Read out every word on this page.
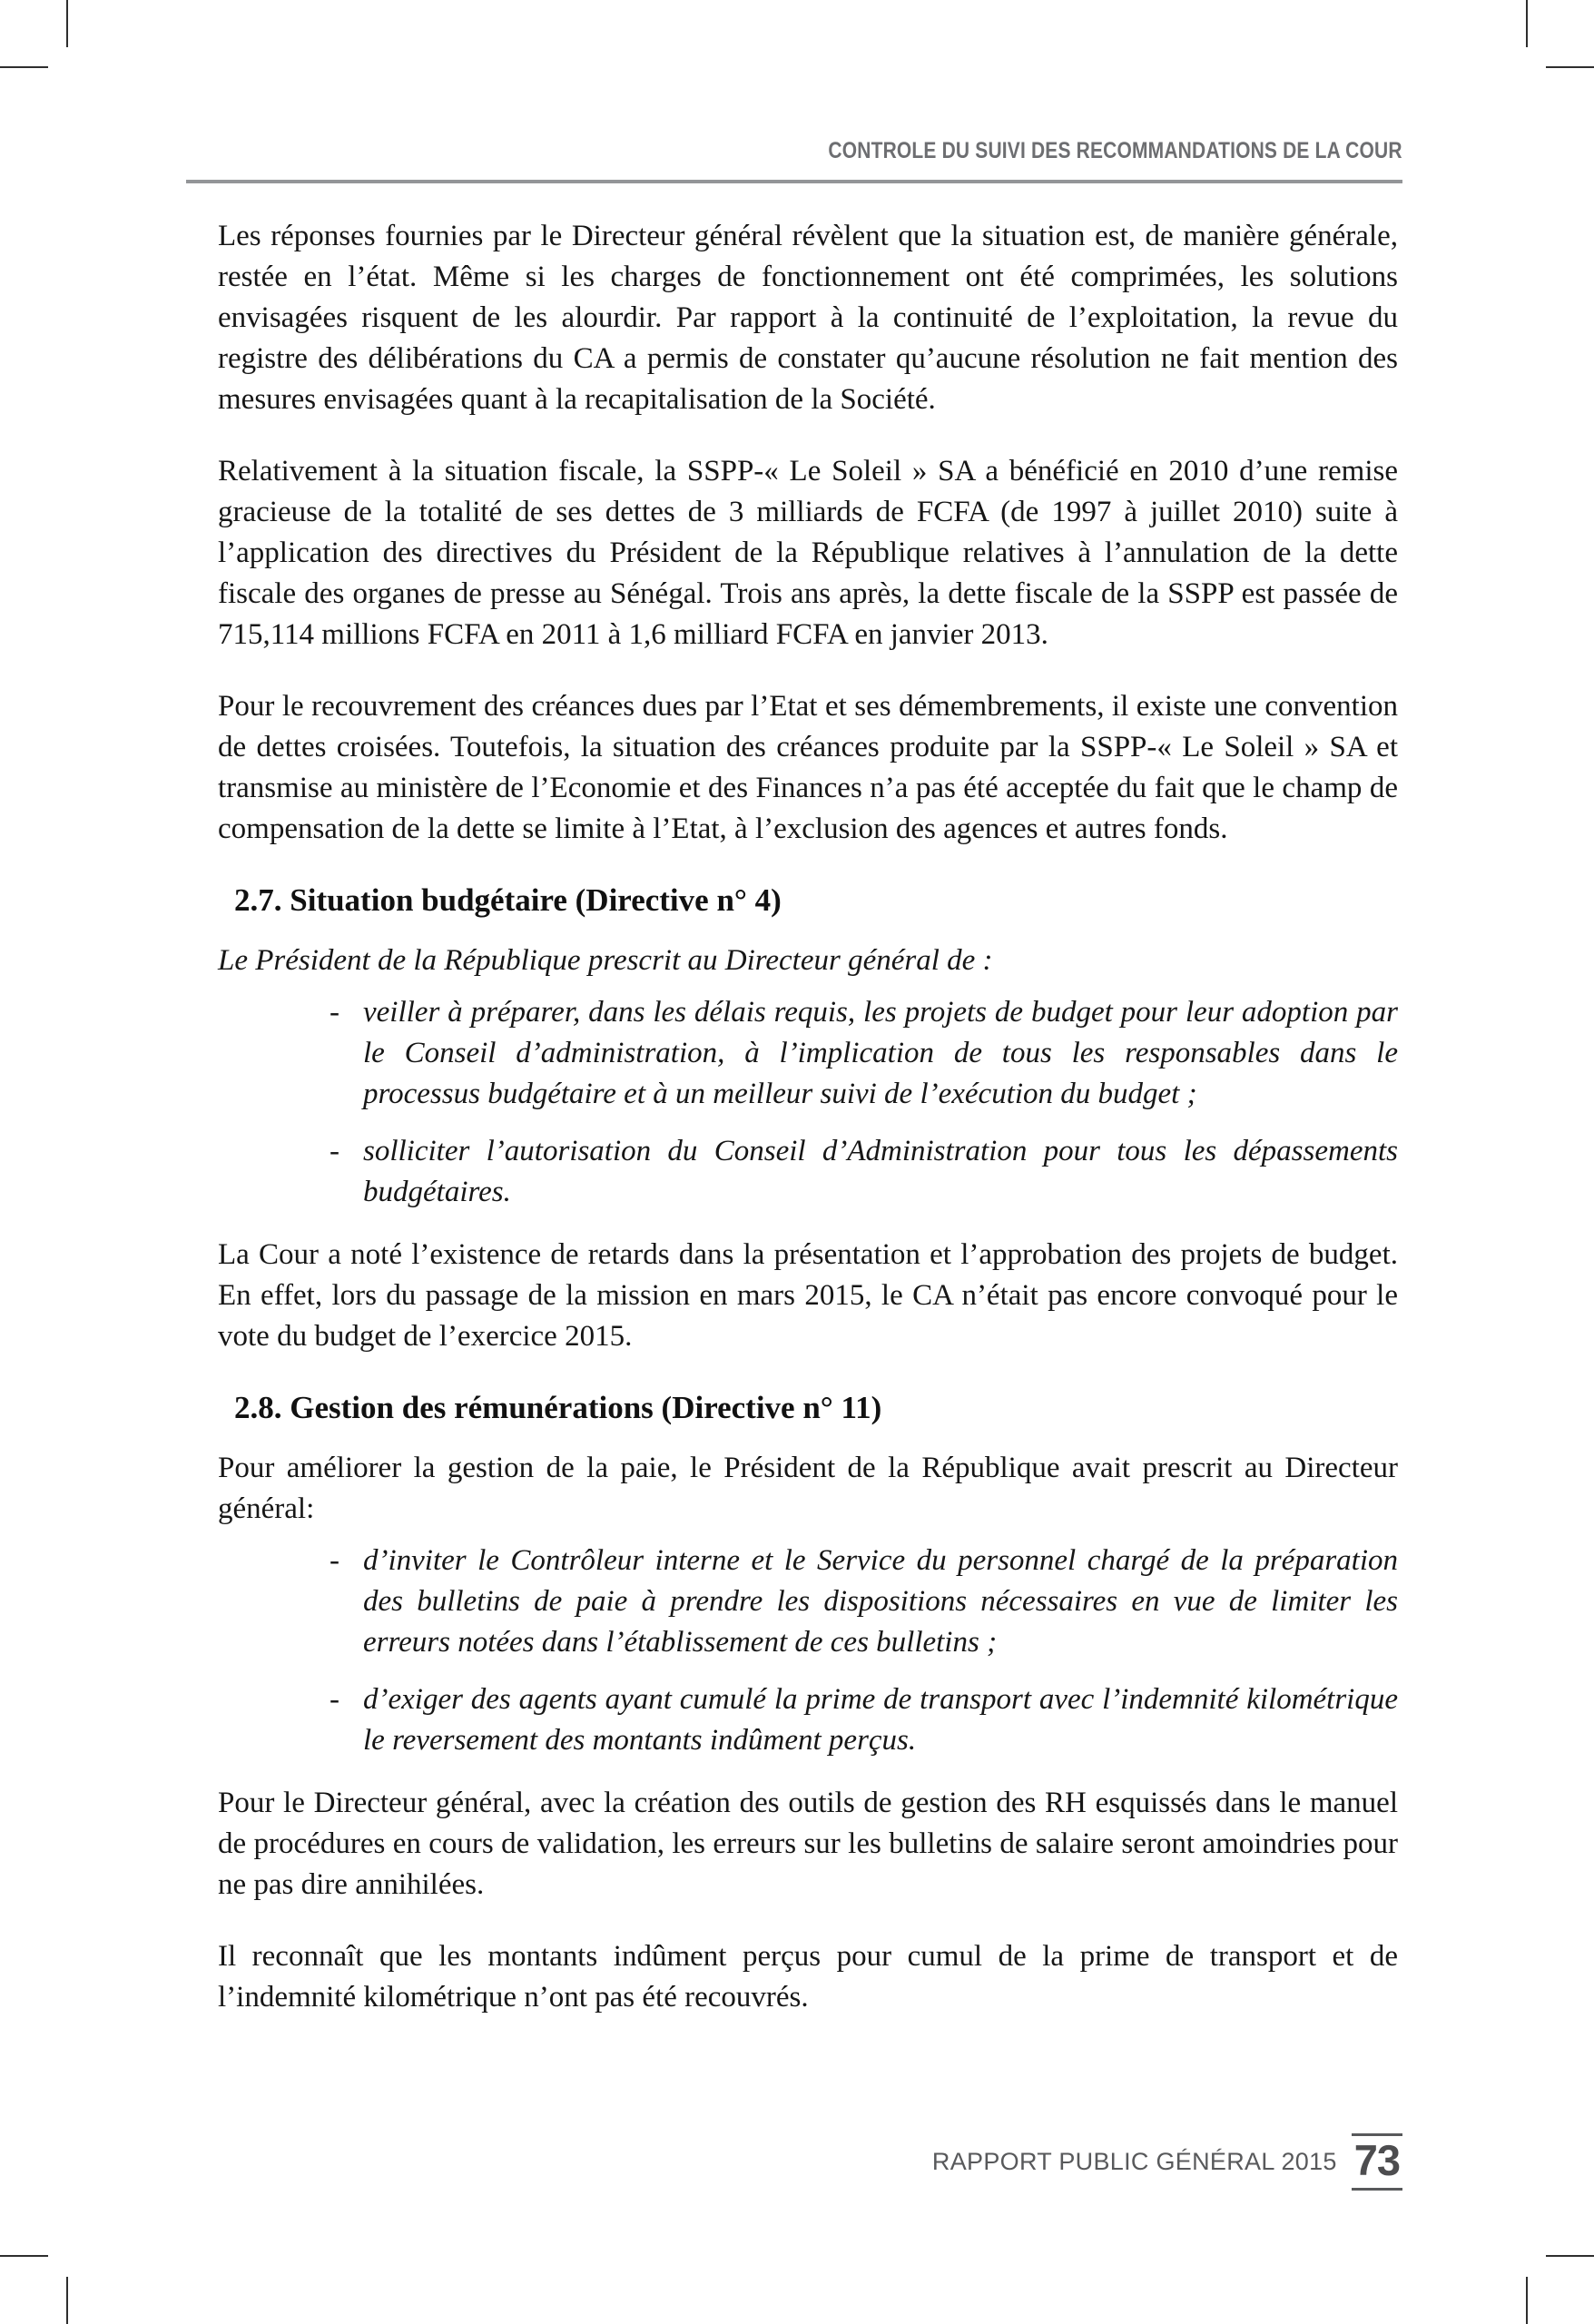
CONTROLE DU SUIVI DES RECOMMANDATIONS DE LA COUR

Les réponses fournies par le Directeur général révèlent que la situation est, de manière générale, restée en l’état. Même si les charges de fonctionnement ont été comprimées, les solutions envisagées risquent de les alourdir. Par rapport à la continuité de l’exploitation, la revue du registre des délibérations du CA a permis de constater qu’aucune résolution ne fait mention des mesures envisagées quant à la recapitalisation de la Société.

Relativement à la situation fiscale, la SSPP-« Le Soleil » SA a bénéficié en 2010 d’une remise gracieuse de la totalité de ses dettes de 3 milliards de FCFA (de 1997 à juillet 2010) suite à l’application des directives du Président de la République relatives à l’annulation de la dette fiscale des organes de presse au Sénégal. Trois ans après, la dette fiscale de la SSPP est passée de 715,114 millions FCFA en 2011 à 1,6 milliard FCFA en janvier 2013.

Pour le recouvrement des créances dues par l’Etat et ses démembrements, il existe une convention de dettes croisées. Toutefois, la situation des créances produite par la SSPP-« Le Soleil » SA et transmise au ministère de l’Economie et des Finances n’a pas été acceptée du fait que le champ de compensation de la dette se limite à l’Etat, à l’exclusion des agences et autres fonds.

2.7. Situation budgétaire (Directive n° 4)

Le Président de la République prescrit au Directeur général de :

- veiller à préparer, dans les délais requis, les projets de budget pour leur adoption par le Conseil d’administration, à l’implication de tous les responsables dans le processus budgétaire et à un meilleur suivi de l’exécution du budget ;
- solliciter l’autorisation du Conseil d’Administration pour tous les dépassements budgétaires.

La Cour a noté l’existence de retards dans la présentation et l’approbation des projets de budget. En effet, lors du passage de la mission en mars 2015, le CA n’était pas encore convoqué pour le vote du budget de l’exercice 2015.

2.8. Gestion des rémunérations (Directive n° 11)

Pour améliorer la gestion de la paie, le Président de la République avait prescrit au Directeur général:

- d’inviter le Contrôleur interne et le Service du personnel chargé de la préparation des bulletins de paie à prendre les dispositions nécessaires en vue de limiter les erreurs notées dans l’établissement de ces bulletins ;
- d’exiger des agents ayant cumulé la prime de transport avec l’indemnité kilométrique le reversement des montants indûment perçus.

Pour le Directeur général, avec la création des outils de gestion des RH esquissés dans le manuel de procédures en cours de validation, les erreurs sur les bulletins de salaire seront amoindries pour ne pas dire annihilées.

Il reconnaît que les montants indûment perçus pour cumul de la prime de transport et de l’indemnité kilométrique n’ont pas été recouvrés.

RAPPORT PUBLIC GÉNÉRAL 2015 73
